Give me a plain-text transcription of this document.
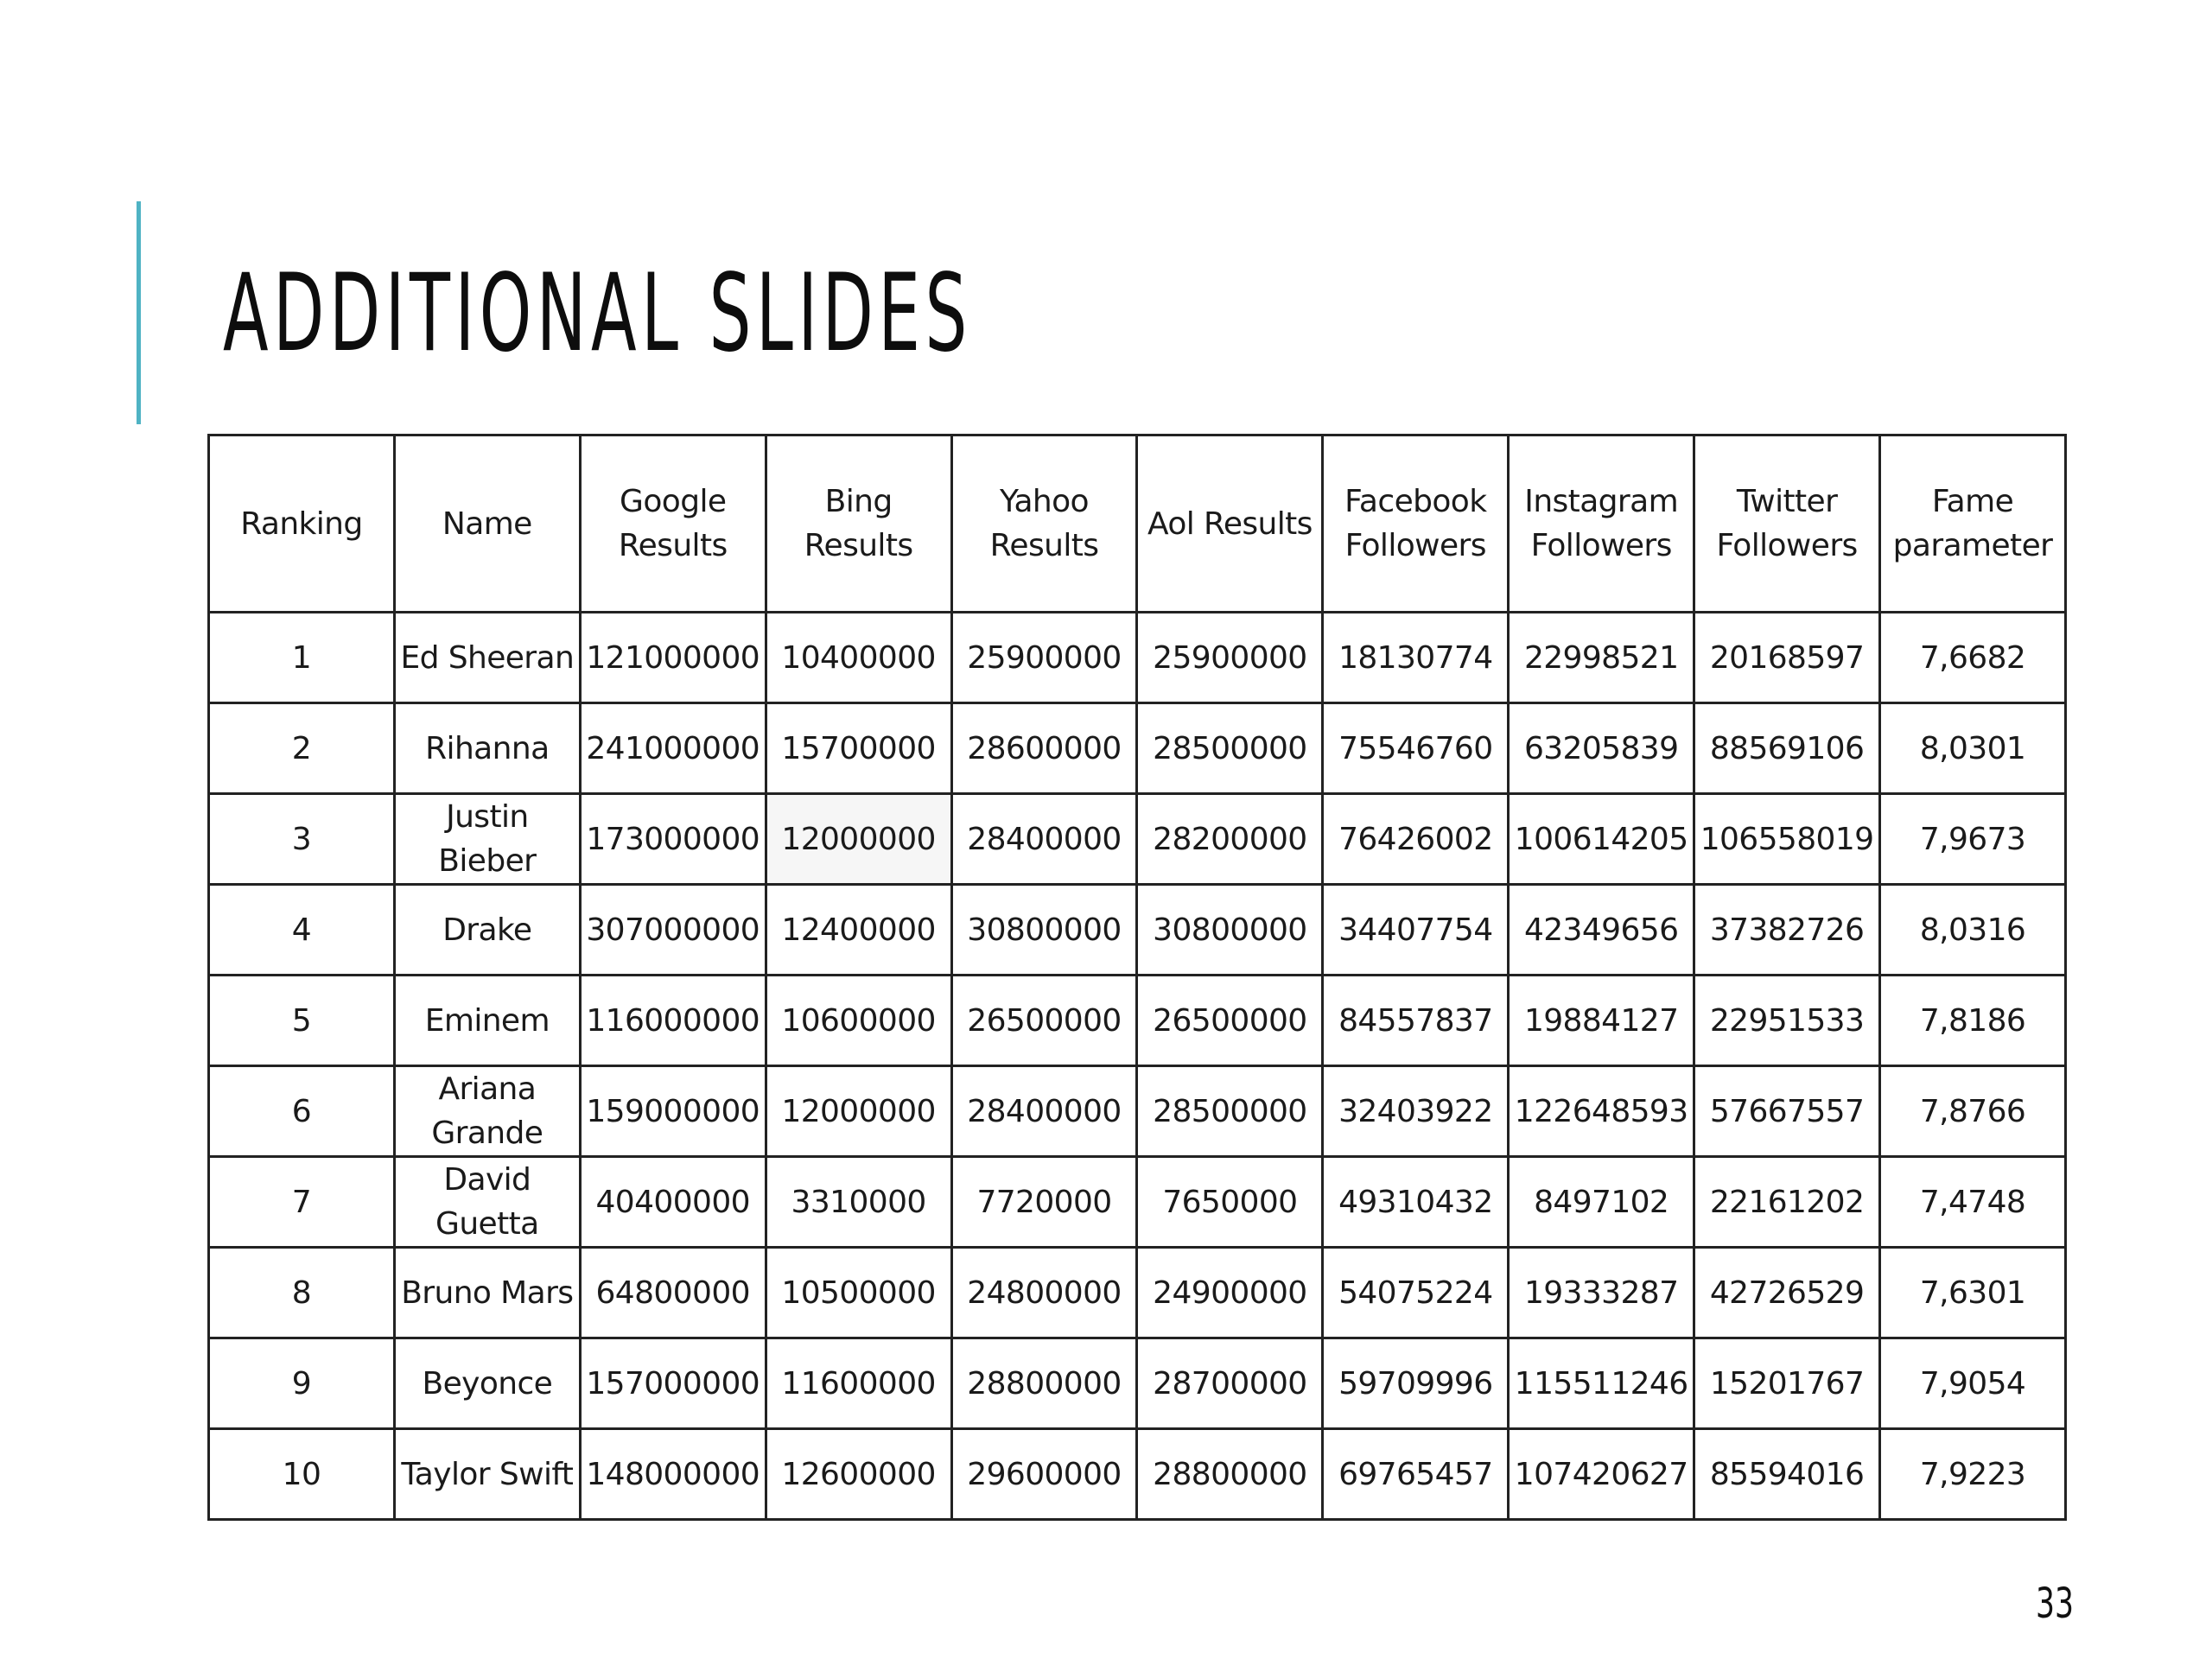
ADDITIONAL SLIDES
Ranking	Name	Google Results	Bing Results	Yahoo Results	Aol Results	Facebook Followers	Instagram Followers	Twitter Followers	Fame parameter
1	Ed Sheeran	121000000	10400000	25900000	25900000	18130774	22998521	20168597	7,6682
2	Rihanna	241000000	15700000	28600000	28500000	75546760	63205839	88569106	8,0301
3	Justin Bieber	173000000	12000000	28400000	28200000	76426002	100614205	106558019	7,9673
4	Drake	307000000	12400000	30800000	30800000	34407754	42349656	37382726	8,0316
5	Eminem	116000000	10600000	26500000	26500000	84557837	19884127	22951533	7,8186
6	Ariana Grande	159000000	12000000	28400000	28500000	32403922	122648593	57667557	7,8766
7	David Guetta	40400000	3310000	7720000	7650000	49310432	8497102	22161202	7,4748
8	Bruno Mars	64800000	10500000	24800000	24900000	54075224	19333287	42726529	7,6301
9	Beyonce	157000000	11600000	28800000	28700000	59709996	115511246	15201767	7,9054
10	Taylor Swift	148000000	12600000	29600000	28800000	69765457	107420627	85594016	7,9223
33
